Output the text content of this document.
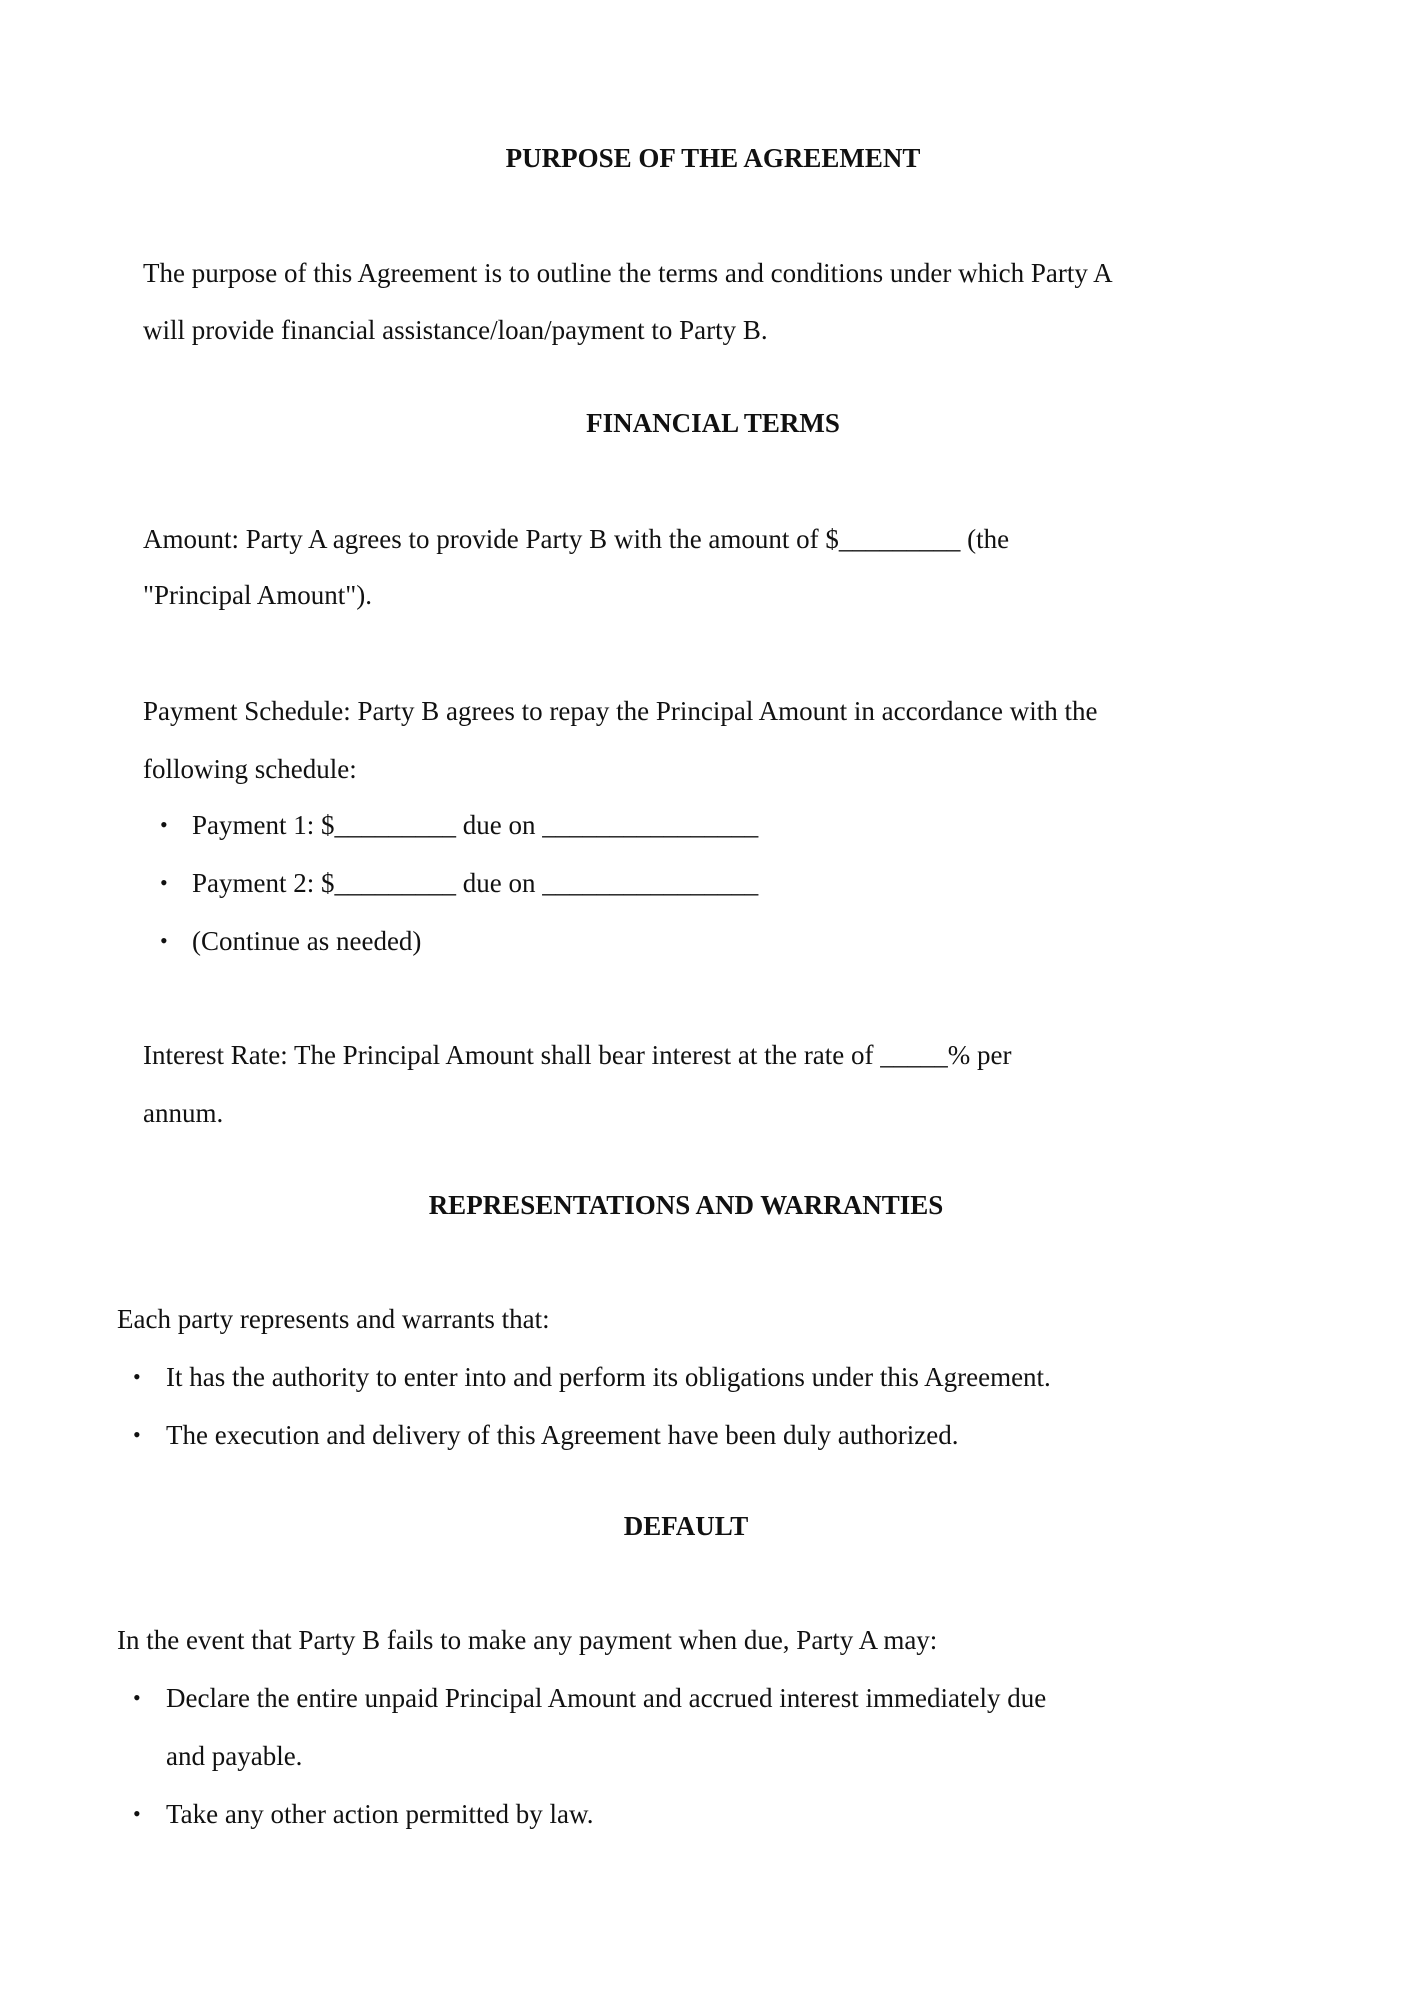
PURPOSE OF THE AGREEMENT
The purpose of this Agreement is to outline the terms and conditions under which Party A
will provide financial assistance/loan/payment to Party B.
FINANCIAL TERMS
Amount: Party A agrees to provide Party B with the amount of $_________ (the
"Principal Amount").
Payment Schedule: Party B agrees to repay the Principal Amount in accordance with the
following schedule:
• Payment 1: $_________ due on ________________
• Payment 2: $_________ due on ________________
• (Continue as needed)
Interest Rate: The Principal Amount shall bear interest at the rate of _____% per
annum.
REPRESENTATIONS AND WARRANTIES
Each party represents and warrants that:
• It has the authority to enter into and perform its obligations under this Agreement.
• The execution and delivery of this Agreement have been duly authorized.
DEFAULT
In the event that Party B fails to make any payment when due, Party A may:
• Declare the entire unpaid Principal Amount and accrued interest immediately due
and payable.
• Take any other action permitted by law.
